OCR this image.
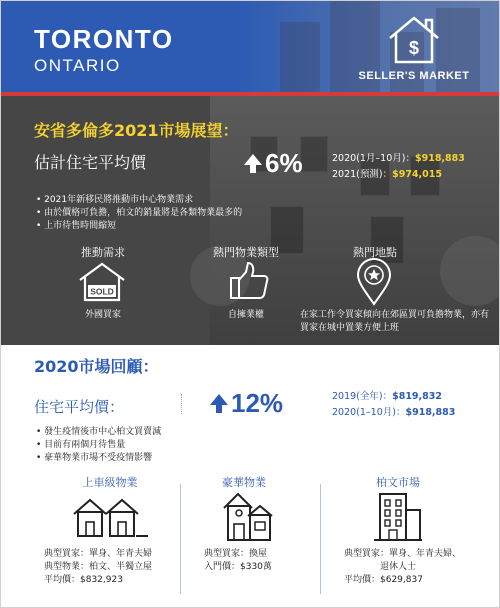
TORONTO
ONTARIO
$
SELLER'S MARKET
安省多倫多2021市場展望：
估計住宅平均價	6%	2020(1月–10月)：$918,883
2021(預測)：$974,015
• 2021年新移民將推動市中心物業需求
• 由於價格可負擔，柏文的銷量將是各類物業最多的
• 上市待售時間縮短
推動需求
SOLD
外國買家
熱門物業類型
自擁業權
熱門地點
在家工作令買家傾向在郊區買可負擔物業，亦有買家在城中置業方便上班
2020市場回顧：
住宅平均價：	12%	2019(全年)：$819,832
2020(1–10月)：$918,883
• 發生疫情後市中心柏文買賣減
• 目前有兩個月待售量
• 豪華物業市場不受疫情影響
上車級物業
典型買家：單身、年青夫婦
典型物業：柏文、半獨立屋
平均價：$832,923
豪華物業
典型買家：換屋
入門價：$330萬
柏文市場
典型買家：單身、年青夫婦、
退休人士
平均價：$629,837
